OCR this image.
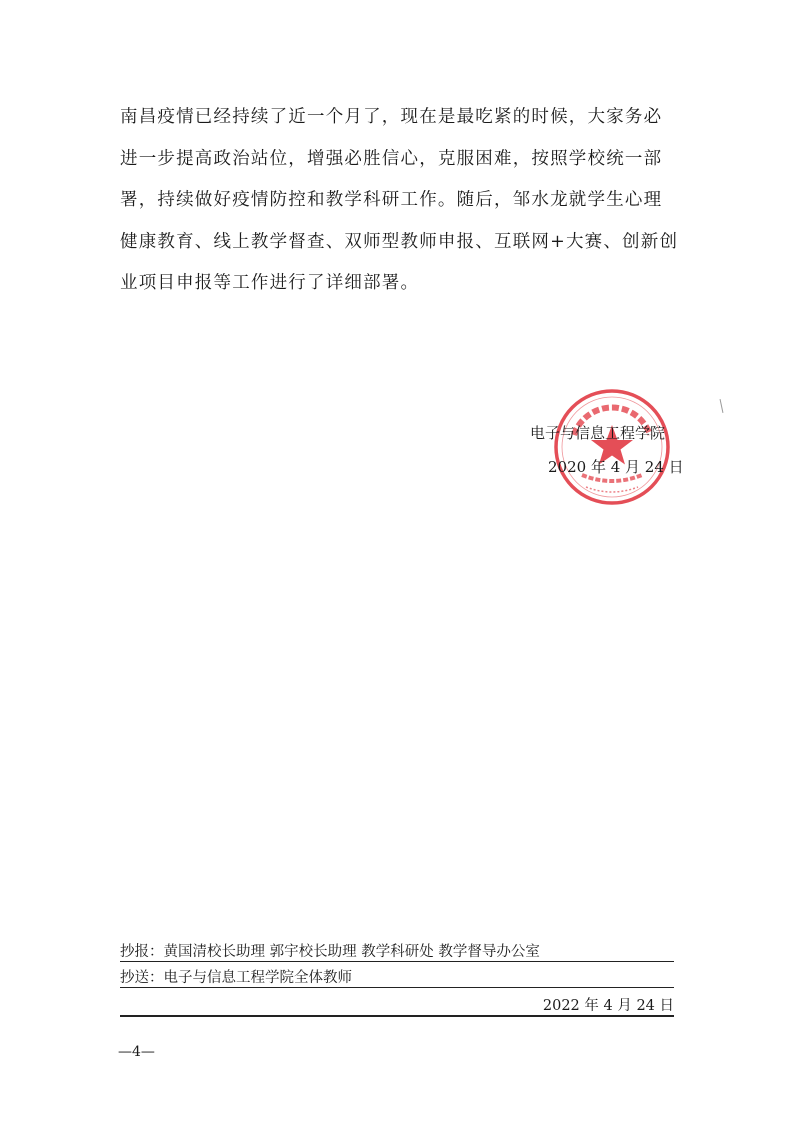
南昌疫情已经持续了近一个月了，现在是最吃紧的时候，大家务必
进一步提高政治站位，增强必胜信心，克服困难，按照学校统一部
署，持续做好疫情防控和教学科研工作。随后，邹水龙就学生心理
健康教育、线上教学督查、双师型教师申报、互联网+大赛、创新创
业项目申报等工作进行了详细部署。
电子与信息工程学院
2020 年 4 月 24 日
抄报：黄国清校长助理 郭宇校长助理 教学科研处 教学督导办公室
抄送：电子与信息工程学院全体教师
2022 年 4 月 24 日
—4—
